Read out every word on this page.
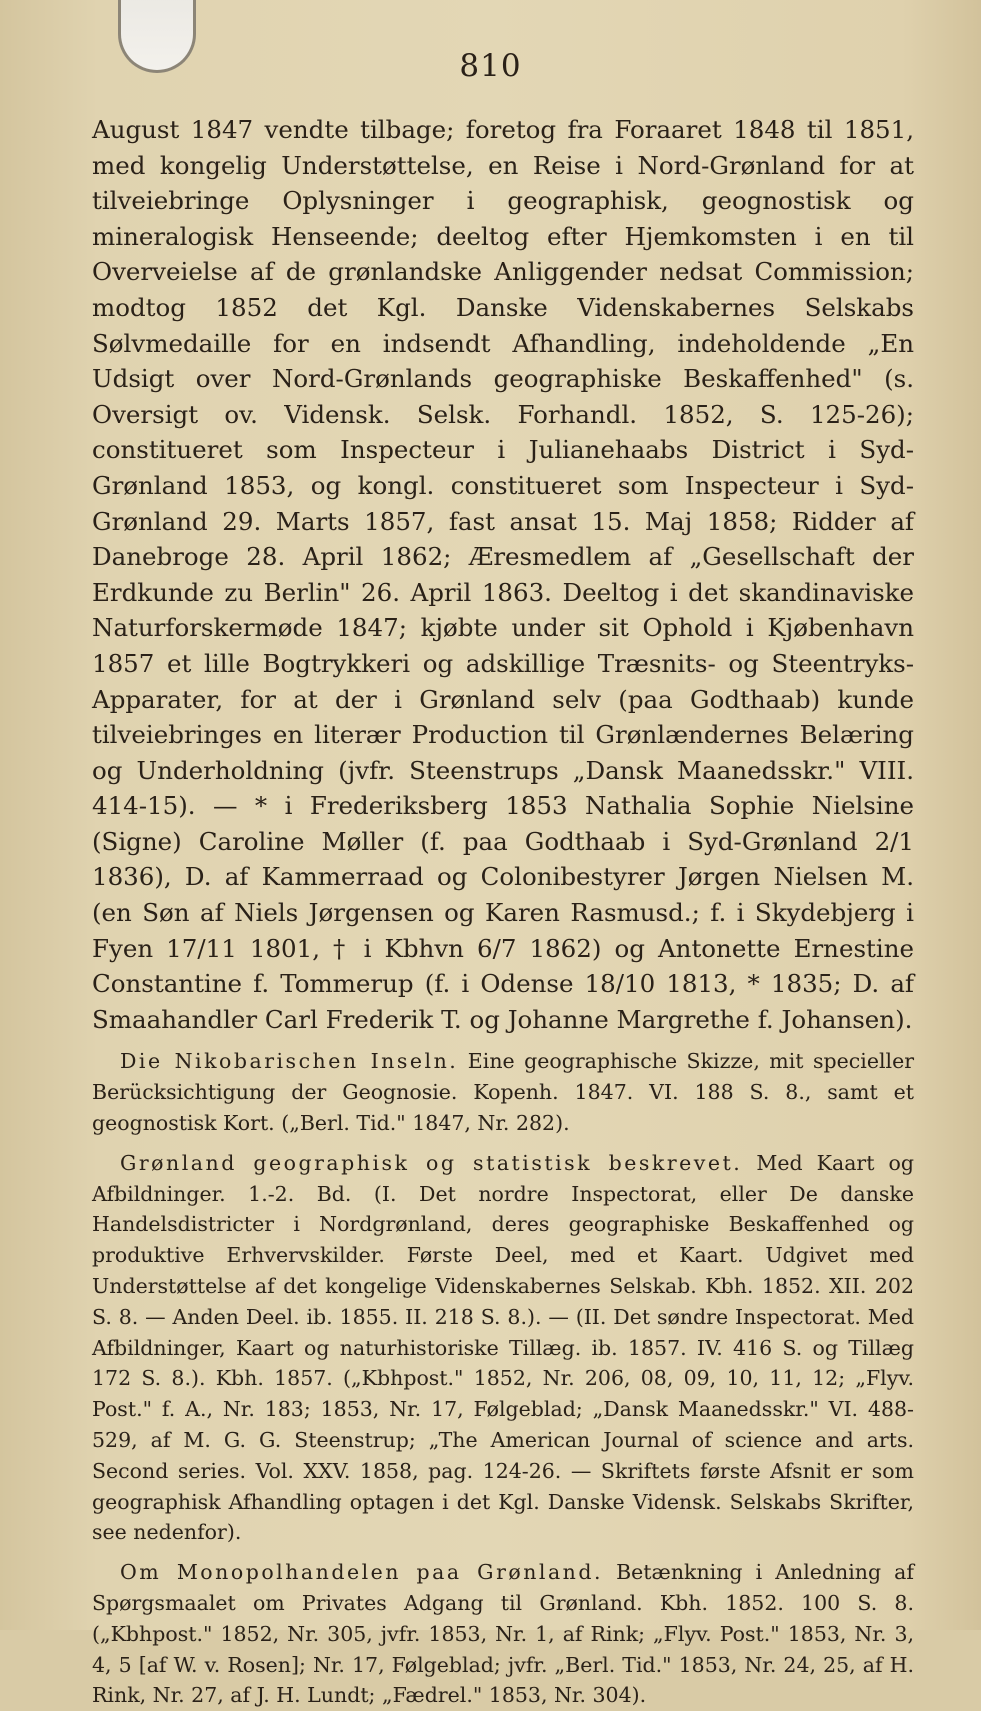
810

August 1847 vendte tilbage; foretog fra Foraaret 1848 til 1851, med kongelig Understøttelse, en Reise i Nord-Grønland for at tilveiebringe Oplysninger i geographisk, geognostisk og mineralogisk Henseende; deeltog efter Hjemkomsten i en til Overveielse af de grønlandske Anliggender nedsat Commission; modtog 1852 det Kgl. Danske Videnskabernes Selskabs Sølvmedaille for en indsendt Afhandling, indeholdende „En Udsigt over Nord-Grønlands geographiske Beskaffenhed" (s. Oversigt ov. Vidensk. Selsk. Forhandl. 1852, S. 125-26); constitueret som Inspecteur i Julianehaabs District i Syd-Grønland 1853, og kongl. constitueret som Inspecteur i Syd-Grønland 29. Marts 1857, fast ansat 15. Maj 1858; Ridder af Danebroge 28. April 1862; Æresmedlem af „Gesellschaft der Erdkunde zu Berlin" 26. April 1863. Deeltog i det skandinaviske Naturforskermøde 1847; kjøbte under sit Ophold i Kjøbenhavn 1857 et lille Bogtrykkeri og adskillige Træsnits- og Steentryks-Apparater, for at der i Grønland selv (paa Godthaab) kunde tilveiebringes en literær Production til Grønlændernes Belæring og Underholdning (jvfr. Steenstrups „Dansk Maanedsskr." VIII. 414-15). — * i Frederiksberg 1853 Nathalia Sophie Nielsine (Signe) Caroline Møller (f. paa Godthaab i Syd-Grønland 2/1 1836), D. af Kammerraad og Colonibestyrer Jørgen Nielsen M. (en Søn af Niels Jørgensen og Karen Rasmusd.; f. i Skydebjerg i Fyen 17/11 1801, † i Kbhvn 6/7 1862) og Antonette Ernestine Constantine f. Tommerup (f. i Odense 18/10 1813, * 1835; D. af Smaahandler Carl Frederik T. og Johanne Margrethe f. Johansen).

Die Nikobarischen Inseln. Eine geographische Skizze, mit specieller Berücksichtigung der Geognosie. Kopenh. 1847. VI. 188 S. 8., samt et geognostisk Kort. („Berl. Tid." 1847, Nr. 282).

Grønland geographisk og statistisk beskrevet. Med Kaart og Afbildninger. 1.-2. Bd. (I. Det nordre Inspectorat, eller De danske Handelsdistricter i Nordgrønland, deres geographiske Beskaffenhed og produktive Erhvervskilder. Første Deel, med et Kaart. Udgivet med Understøttelse af det kongelige Videnskabernes Selskab. Kbh. 1852. XII. 202 S. 8. — Anden Deel. ib. 1855. II. 218 S. 8.). — (II. Det søndre Inspectorat. Med Afbildninger, Kaart og naturhistoriske Tillæg. ib. 1857. IV. 416 S. og Tillæg 172 S. 8.). Kbh. 1857. („Kbhpost." 1852, Nr. 206, 08, 09, 10, 11, 12; „Flyv. Post." f. A., Nr. 183; 1853, Nr. 17, Følgeblad; „Dansk Maanedsskr." VI. 488-529, af M. G. G. Steenstrup; „The American Journal of science and arts. Second series. Vol. XXV. 1858, pag. 124-26. — Skriftets første Afsnit er som geographisk Afhandling optagen i det Kgl. Danske Vidensk. Selskabs Skrifter, see nedenfor).

Om Monopolhandelen paa Grønland. Betænkning i Anledning af Spørgsmaalet om Privates Adgang til Grønland. Kbh. 1852. 100 S. 8. („Kbhpost." 1852, Nr. 305, jvfr. 1853, Nr. 1, af Rink; „Flyv. Post." 1853, Nr. 3, 4, 5 [af W. v. Rosen]; Nr. 17, Følgeblad; jvfr. „Berl. Tid." 1853, Nr. 24, 25, af H. Rink, Nr. 27, af J. H. Lundt; „Fædrel." 1853, Nr. 304).
